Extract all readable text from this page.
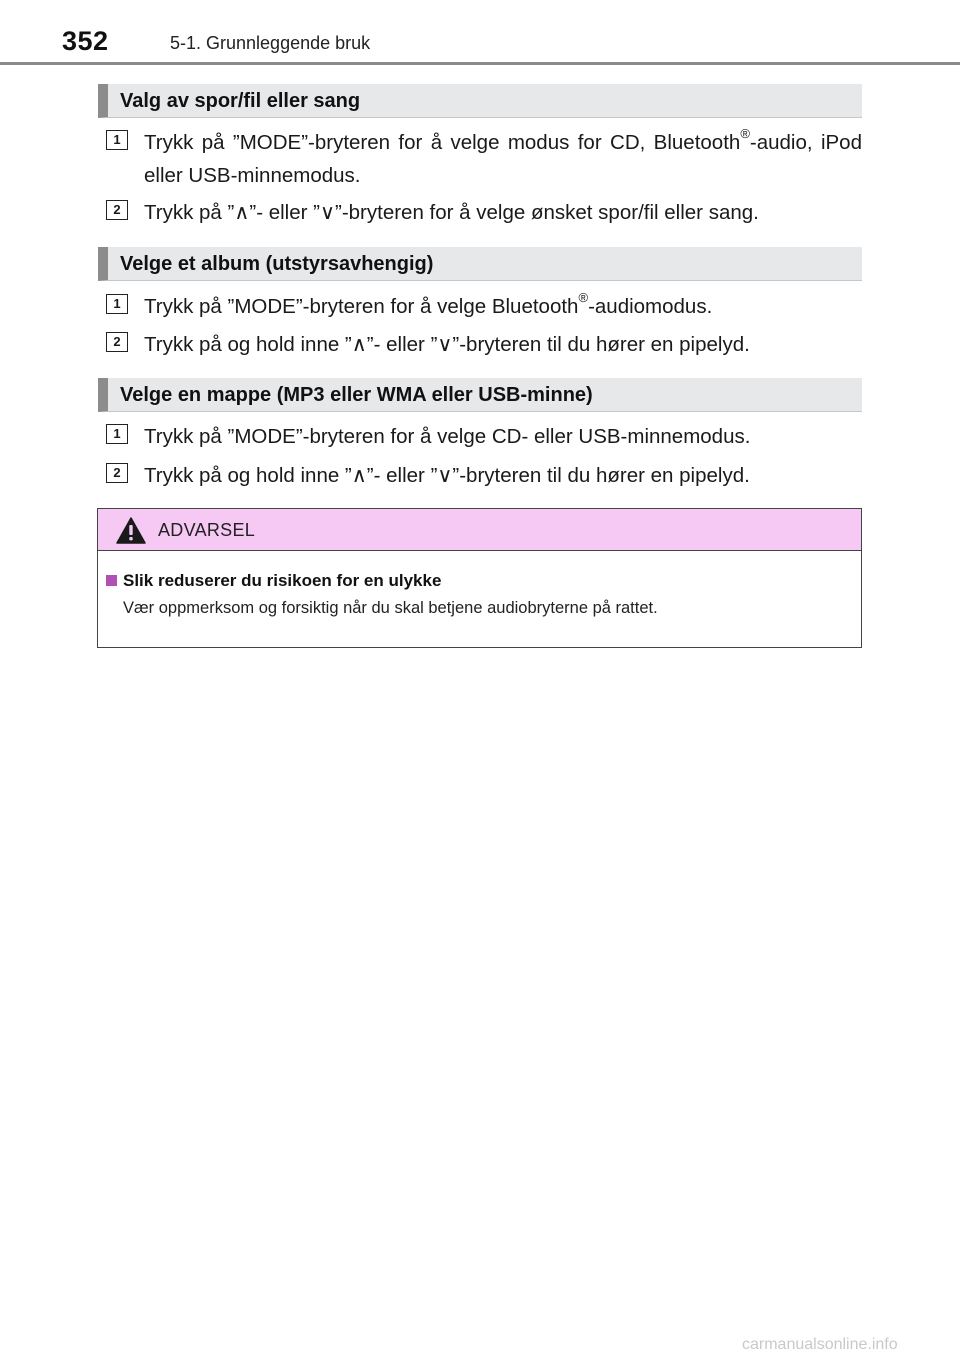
352	5-1. Grunnleggende bruk
Valg av spor/fil eller sang
1	Trykk på ”MODE”-bryteren for å velge modus for CD, Bluetooth®-audio, iPod eller USB-minnemodus.
2	Trykk på ”∧”- eller ”∨”-bryteren for å velge ønsket spor/fil eller sang.
Velge et album (utstyrsavhengig)
1	Trykk på ”MODE”-bryteren for å velge Bluetooth®-audiomodus.
2	Trykk på og hold inne ”∧”- eller ”∨”-bryteren til du hører en pipelyd.
Velge en mappe (MP3 eller WMA eller USB-minne)
1	Trykk på ”MODE”-bryteren for å velge CD- eller USB-minnemodus.
2	Trykk på og hold inne ”∧”- eller ”∨”-bryteren til du hører en pipelyd.
ADVARSEL
Slik reduserer du risikoen for en ulykke
Vær oppmerksom og forsiktig når du skal betjene audiobryterne på rattet.
carmanualsonline.info
